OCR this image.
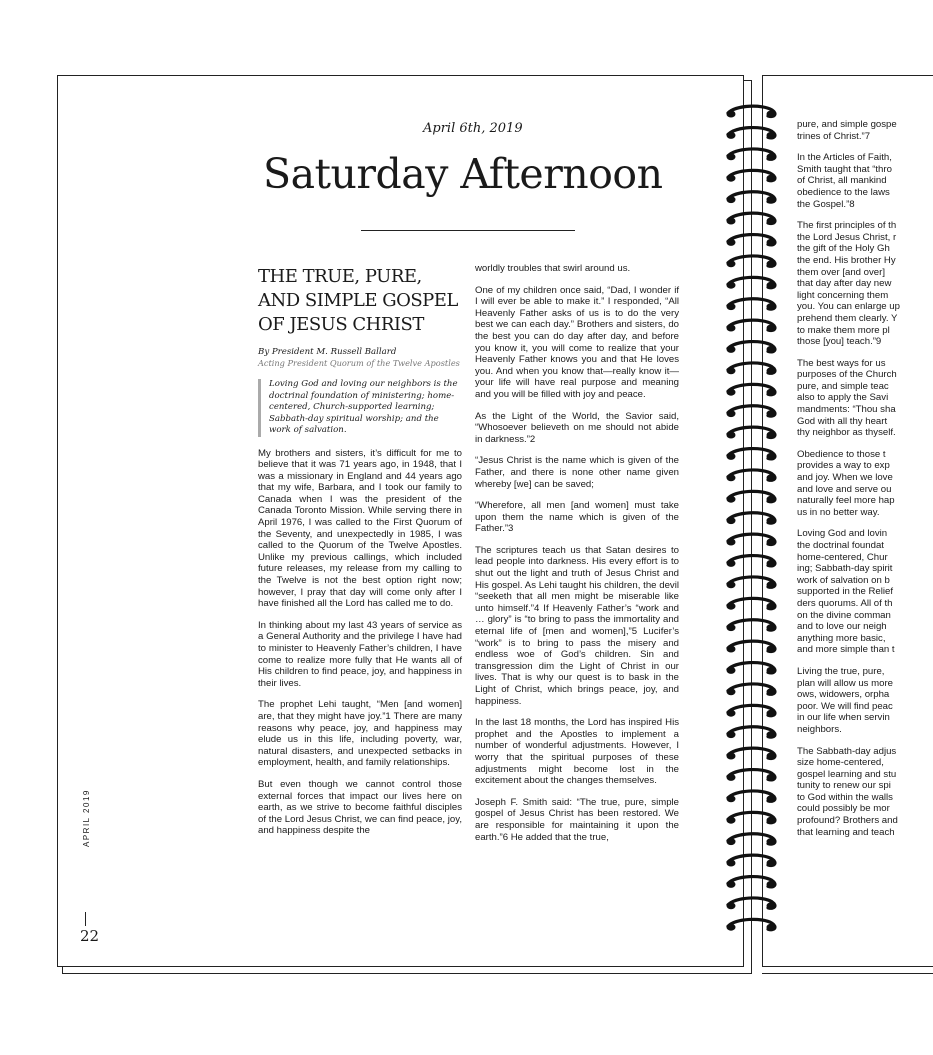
April 6th, 2019
Saturday Afternoon
THE TRUE, PURE,
AND SIMPLE GOSPEL
OF JESUS CHRIST
By President M. Russell Ballard
Acting President Quorum of the Twelve Apostles
Loving God and loving our neighbors is the doctrinal foundation of ministering; home-centered, Church-supported learning; Sabbath-day spiritual worship; and the work of salvation.

My brothers and sisters, it’s difficult for me to believe that it was 71 years ago, in 1948, that I was a missionary in England and 44 years ago that my wife, Barbara, and I took our family to Canada when I was the president of the Canada Toronto Mission. While serving there in April 1976, I was called to the First Quorum of the Seventy, and unexpectedly in 1985, I was called to the Quorum of the Twelve Apostles. Unlike my previous callings, which included future releases, my release from my calling to the Twelve is not the best option right now; however, I pray that day will come only after I have finished all the Lord has called me to do.

In thinking about my last 43 years of service as a General Authority and the privilege I have had to minister to Heavenly Father’s children, I have come to realize more fully that He wants all of His children to find peace, joy, and happiness in their lives.

The prophet Lehi taught, “Men [and women] are, that they might have joy.”1 There are many reasons why peace, joy, and happiness may elude us in this life, including poverty, war, natural disasters, and unexpected setbacks in employment, health, and family relationships.

But even though we cannot control those external forces that impact our lives here on earth, as we strive to become faithful disciples of the Lord Jesus Christ, we can find peace, joy, and happiness despite the

worldly troubles that swirl around us.

One of my children once said, “Dad, I wonder if I will ever be able to make it.” I responded, “All Heavenly Father asks of us is to do the very best we can each day.” Brothers and sisters, do the best you can do day after day, and before you know it, you will come to realize that your Heavenly Father knows you and that He loves you. And when you know that—really know it—your life will have real purpose and meaning and you will be filled with joy and peace.

As the Light of the World, the Savior said, “Whosoever believeth on me should not abide in darkness.”2

“Jesus Christ is the name which is given of the Father, and there is none other name given whereby [we] can be saved;

“Wherefore, all men [and women] must take upon them the name which is given of the Father.”3

The scriptures teach us that Satan desires to lead people into darkness. His every effort is to shut out the light and truth of Jesus Christ and His gospel. As Lehi taught his children, the devil “seeketh that all men might be miserable like unto himself.”4 If Heavenly Father’s “work and … glory” is “to bring to pass the immortality and eternal life of [men and women],”5 Lucifer’s “work” is to bring to pass the misery and endless woe of God’s children. Sin and transgression dim the Light of Christ in our lives. That is why our quest is to bask in the Light of Christ, which brings peace, joy, and happiness.

In the last 18 months, the Lord has inspired His prophet and the Apostles to implement a number of wonderful adjustments. However, I worry that the spiritual purposes of these adjustments might become lost in the excitement about the changes themselves.

Joseph F. Smith said: “The true, pure, simple gospel of Jesus Christ has been restored. We are responsible for maintaining it upon the earth.”6 He added that the true,

pure, and simple gospe
trines of Christ.”7

In the Articles of Faith,
Smith taught that “thro
of Christ, all mankind
obedience to the laws
the Gospel.”8

The first principles of th
the Lord Jesus Christ, r
the gift of the Holy Gh
the end. His brother Hy
them over [and over]
that day after day new
light concerning them
you. You can enlarge up
prehend them clearly. Y
to make them more pl
those [you] teach.”9

The best ways for us
purposes of the Church
pure, and simple teac
also to apply the Savi
mandments: “Thou sha
God with all thy heart
thy neighbor as thyself.

Obedience to those t
provides a way to exp
and joy. When we love
and love and serve ou
naturally feel more hap
us in no better way.

Loving God and lovin
the doctrinal foundat
home-centered, Chur
ing; Sabbath-day spirit
work of salvation on b
supported in the Relief
ders quorums. All of th
on the divine comman
and to love our neigh
anything more basic,
and more simple than t

Living the true, pure,
plan will allow us more
ows, widowers, orpha
poor. We will find peac
in our life when servin
neighbors.

The Sabbath-day adjus
size home-centered,
gospel learning and stu
tunity to renew our spi
to God within the walls
could possibly be mor
profound? Brothers and
that learning and teach

APRIL 2019
22
